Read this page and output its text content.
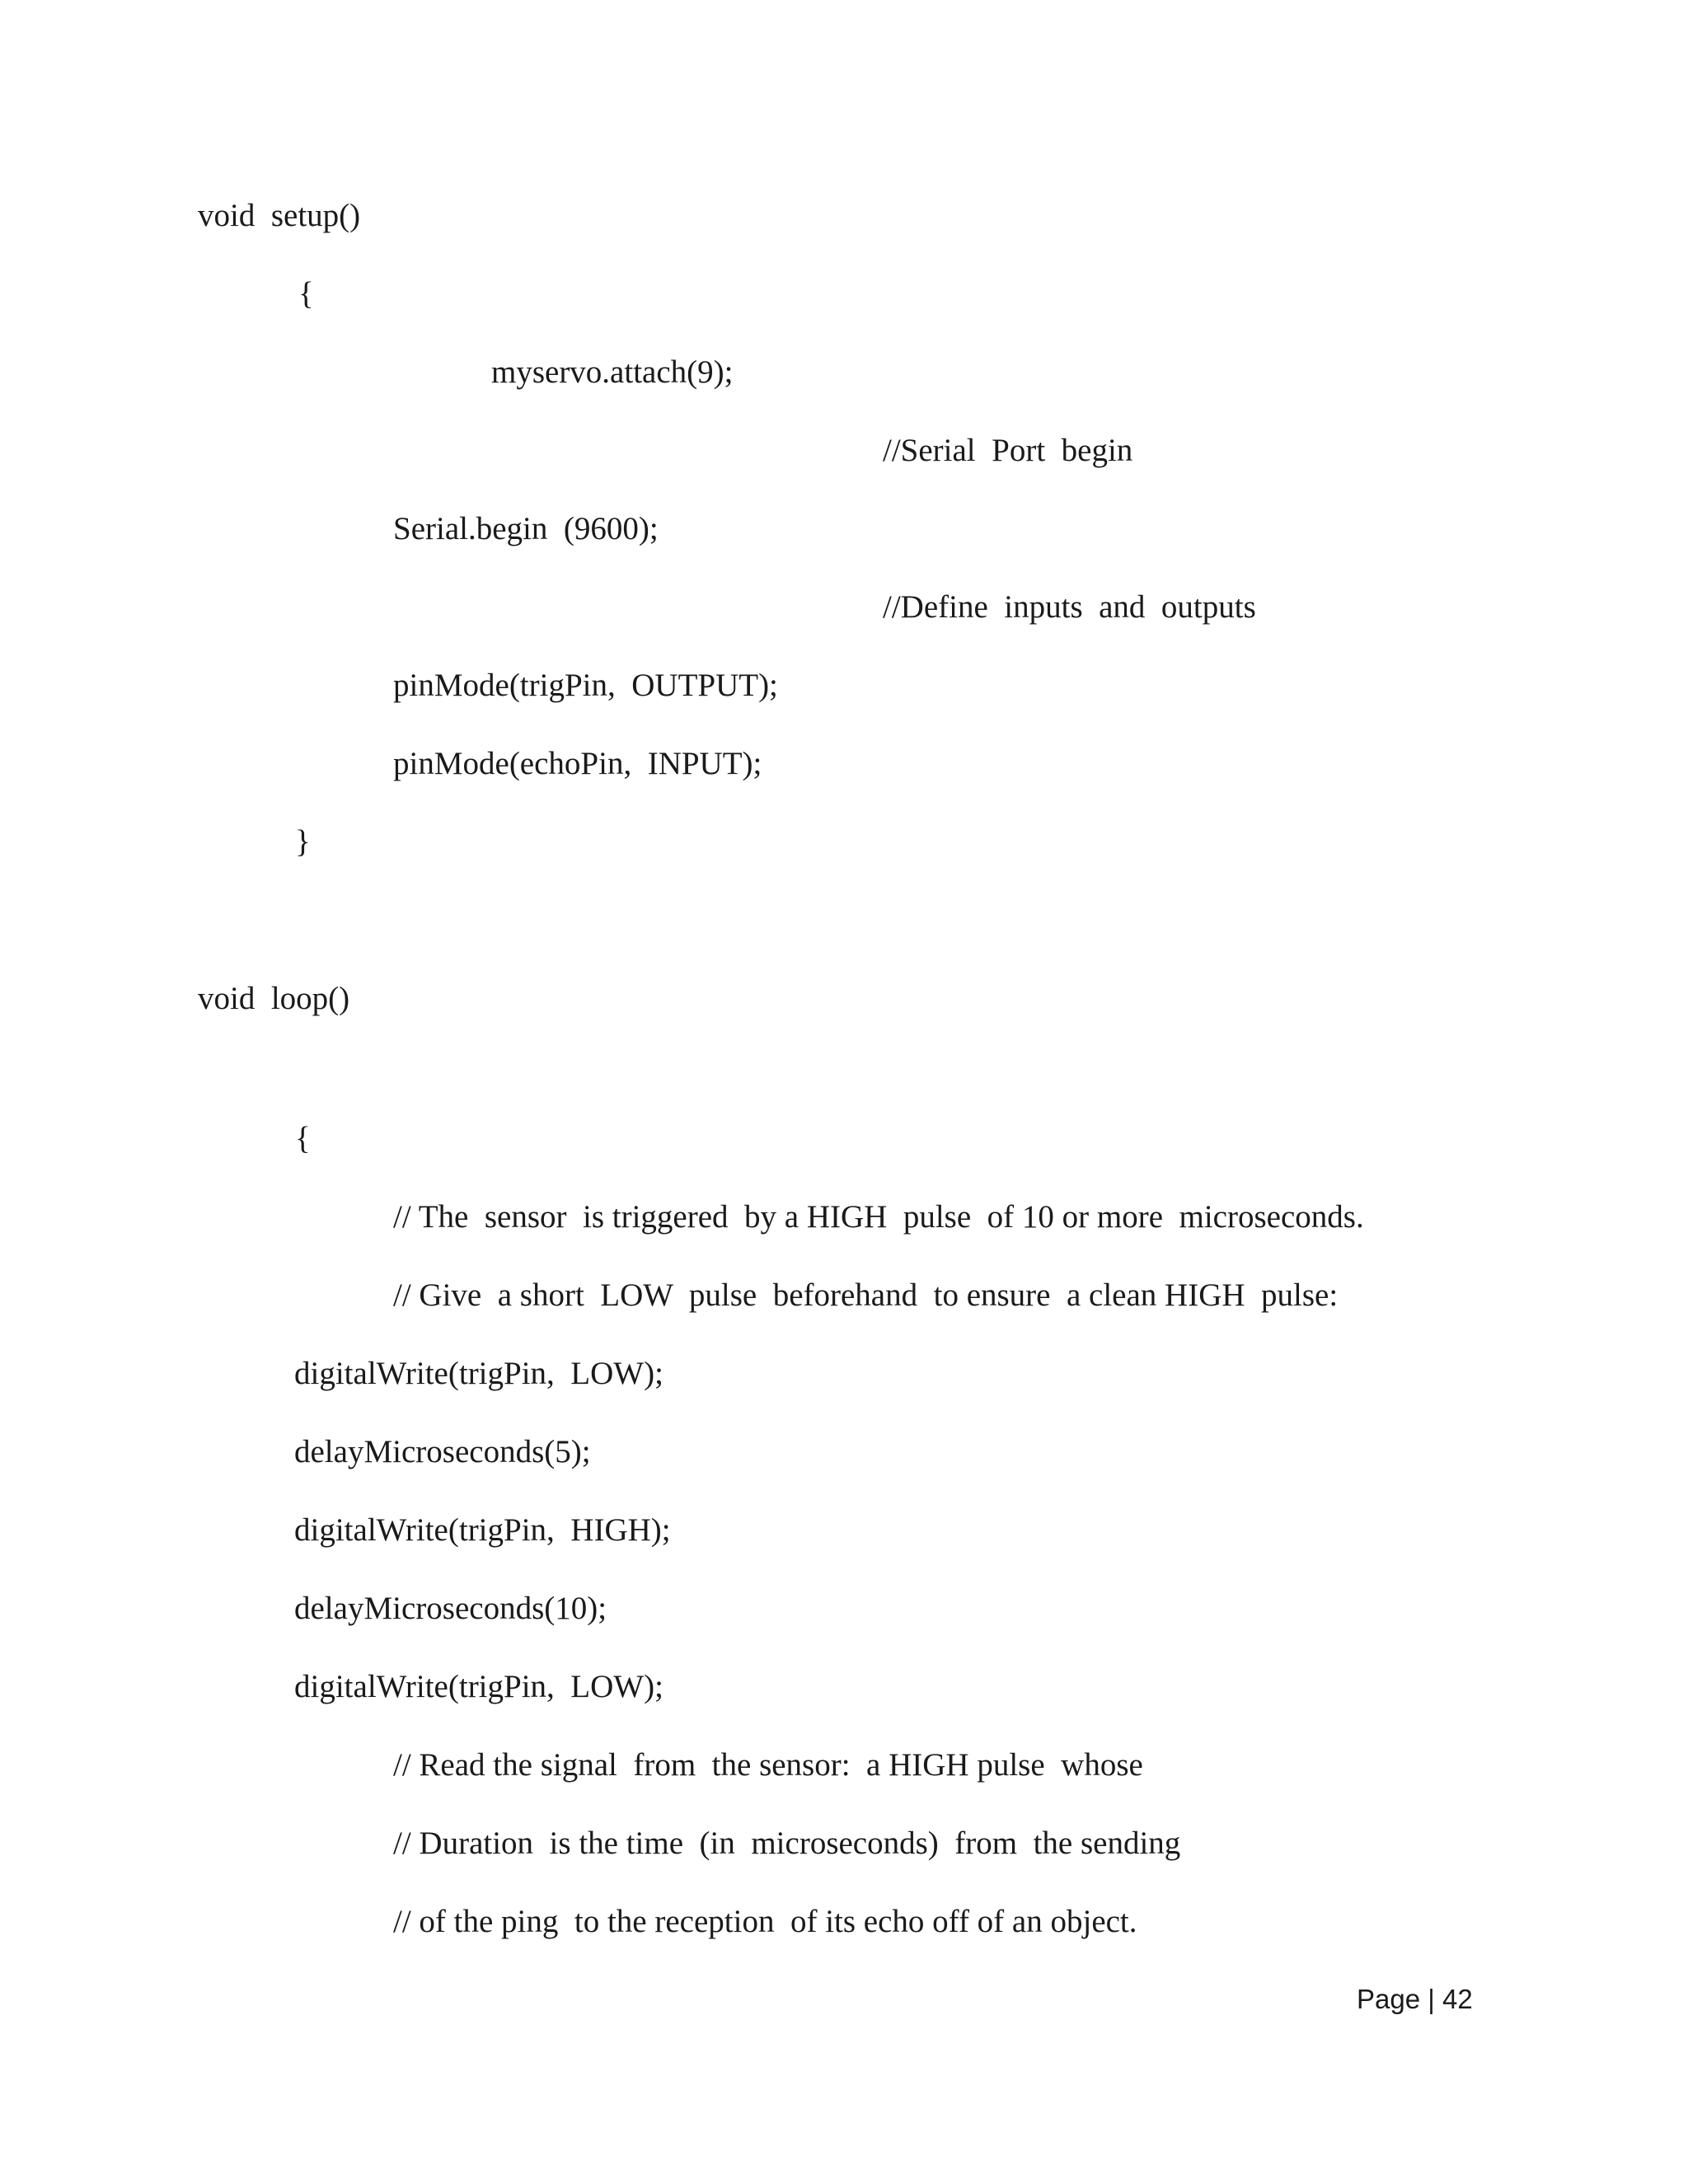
void  setup()
{
myservo.attach(9);
//Serial  Port  begin
Serial.begin  (9600);
//Define  inputs  and  outputs
pinMode(trigPin,  OUTPUT);
pinMode(echoPin,  INPUT);
}
void  loop()
{
// The  sensor  is triggered  by a HIGH  pulse  of 10 or more  microseconds.
// Give  a short  LOW  pulse  beforehand  to ensure  a clean HIGH  pulse:
digitalWrite(trigPin,  LOW);
delayMicroseconds(5);
digitalWrite(trigPin,  HIGH);
delayMicroseconds(10);
digitalWrite(trigPin,  LOW);
// Read the signal  from  the sensor:  a HIGH pulse  whose
// Duration  is the time  (in  microseconds)  from  the sending
// of the ping  to the reception  of its echo off of an object.
Page | 42
